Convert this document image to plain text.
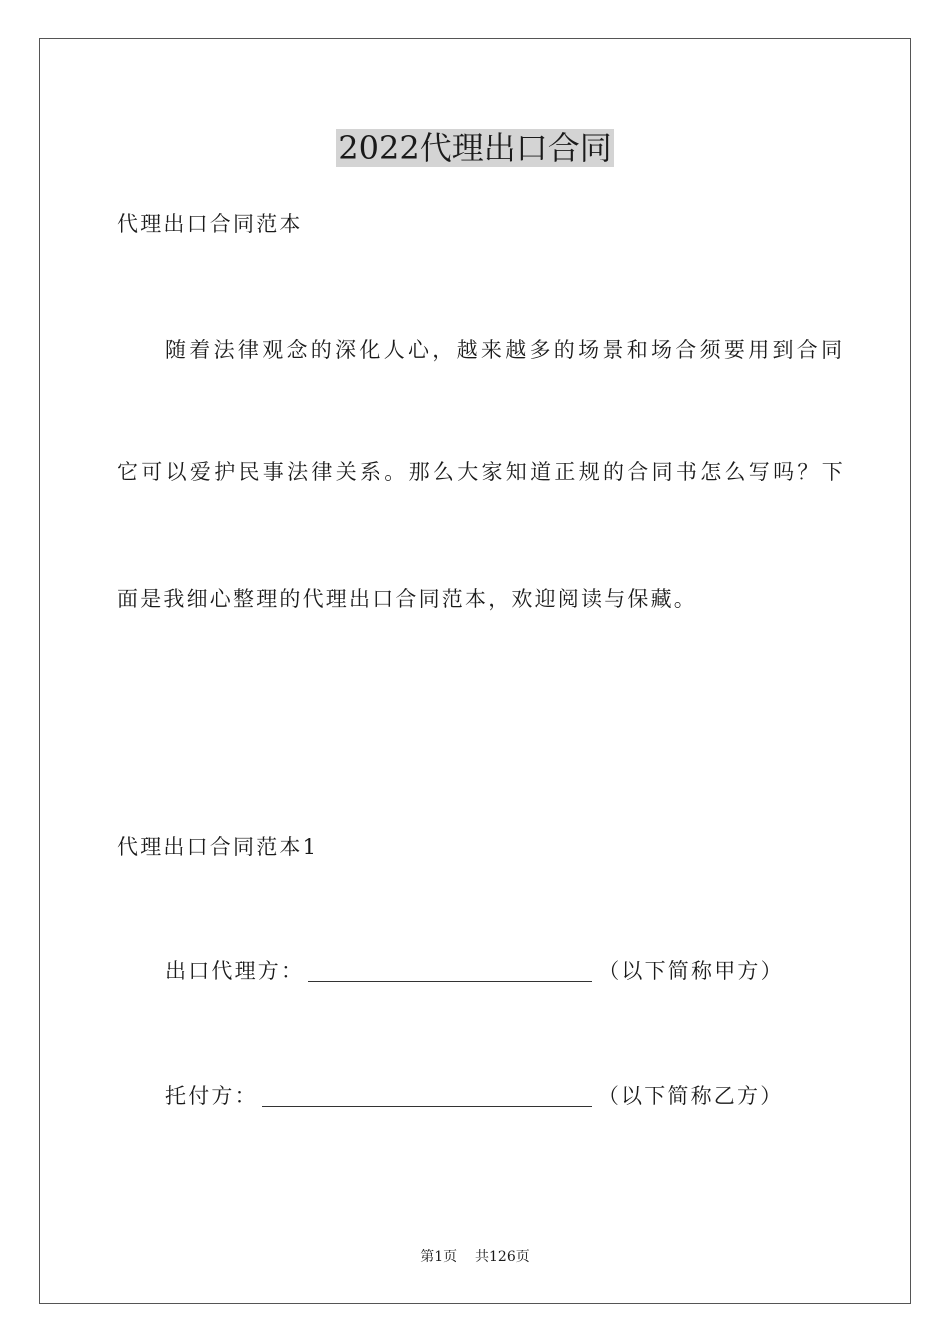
2022代理出口合同
代理出口合同范本
随着法律观念的深化人心，越来越多的场景和场合须要用到合同
它可以爱护民事法律关系。那么大家知道正规的合同书怎么写吗？下
面是我细心整理的代理出口合同范本，欢迎阅读与保藏。
代理出口合同范本1
出口代理方：	（以下简称甲方）
托付方：	（以下简称乙方）
第1页 共126页
